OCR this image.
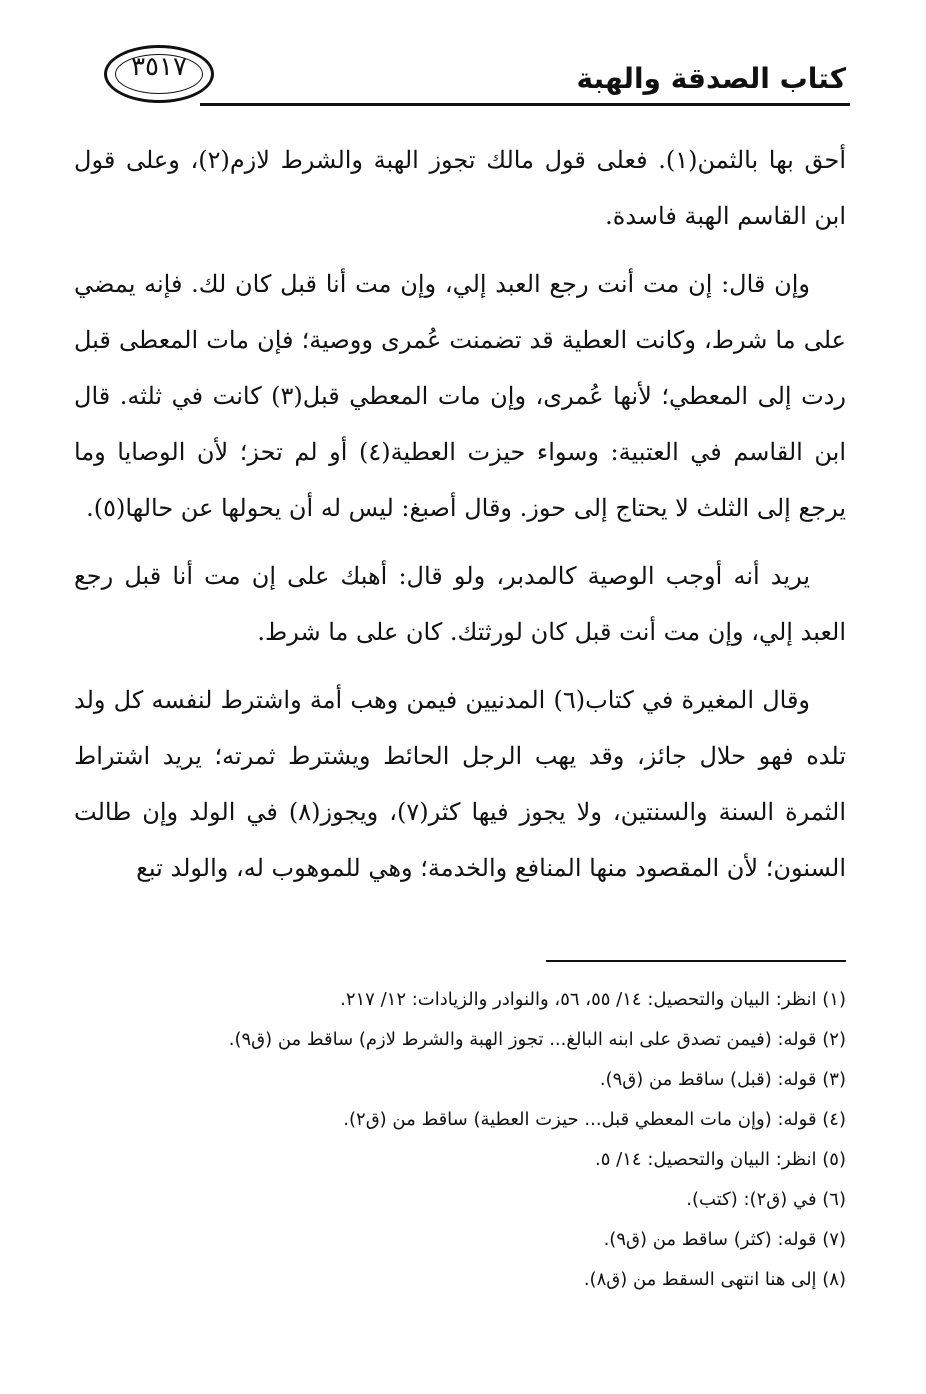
كتاب الصدقة والهبة
٣٥١٧

أحق بها بالثمن(١). فعلى قول مالك تجوز الهبة والشرط لازم(٢)، وعلى قول ابن القاسم الهبة فاسدة.

وإن قال: إن مت أنت رجع العبد إلي، وإن مت أنا قبل كان لك. فإنه يمضي على ما شرط، وكانت العطية قد تضمنت عُمرى ووصية؛ فإن مات المعطى قبل ردت إلى المعطي؛ لأنها عُمرى، وإن مات المعطي قبل(٣) كانت في ثلثه. قال ابن القاسم في العتبية: وسواء حيزت العطية(٤) أو لم تحز؛ لأن الوصايا وما يرجع إلى الثلث لا يحتاج إلى حوز. وقال أصبغ: ليس له أن يحولها عن حالها(٥).

يريد أنه أوجب الوصية كالمدبر، ولو قال: أهبك على إن مت أنا قبل رجع العبد إلي، وإن مت أنت قبل كان لورثتك. كان على ما شرط.

وقال المغيرة في كتاب(٦) المدنيين فيمن وهب أمة واشترط لنفسه كل ولد تلده فهو حلال جائز، وقد يهب الرجل الحائط ويشترط ثمرته؛ يريد اشتراط الثمرة السنة والسنتين، ولا يجوز فيها كثر(٧)، ويجوز(٨) في الولد وإن طالت السنون؛ لأن المقصود منها المنافع والخدمة؛ وهي للموهوب له، والولد تبع

(١) انظر: البيان والتحصيل: ١٤/ ٥٥، ٥٦، والنوادر والزيادات: ١٢/ ٢١٧.

(٢) قوله: (فيمن تصدق على ابنه البالغ... تجوز الهبة والشرط لازم) ساقط من (ق٩).

(٣) قوله: (قبل) ساقط من (ق٩).

(٤) قوله: (وإن مات المعطي قبل... حيزت العطية) ساقط من (ق٢).

(٥) انظر: البيان والتحصيل: ١٤/ ٥.

(٦) في (ق٢): (كتب).

(٧) قوله: (كثر) ساقط من (ق٩).

(٨) إلى هنا انتهى السقط من (ق٨).
